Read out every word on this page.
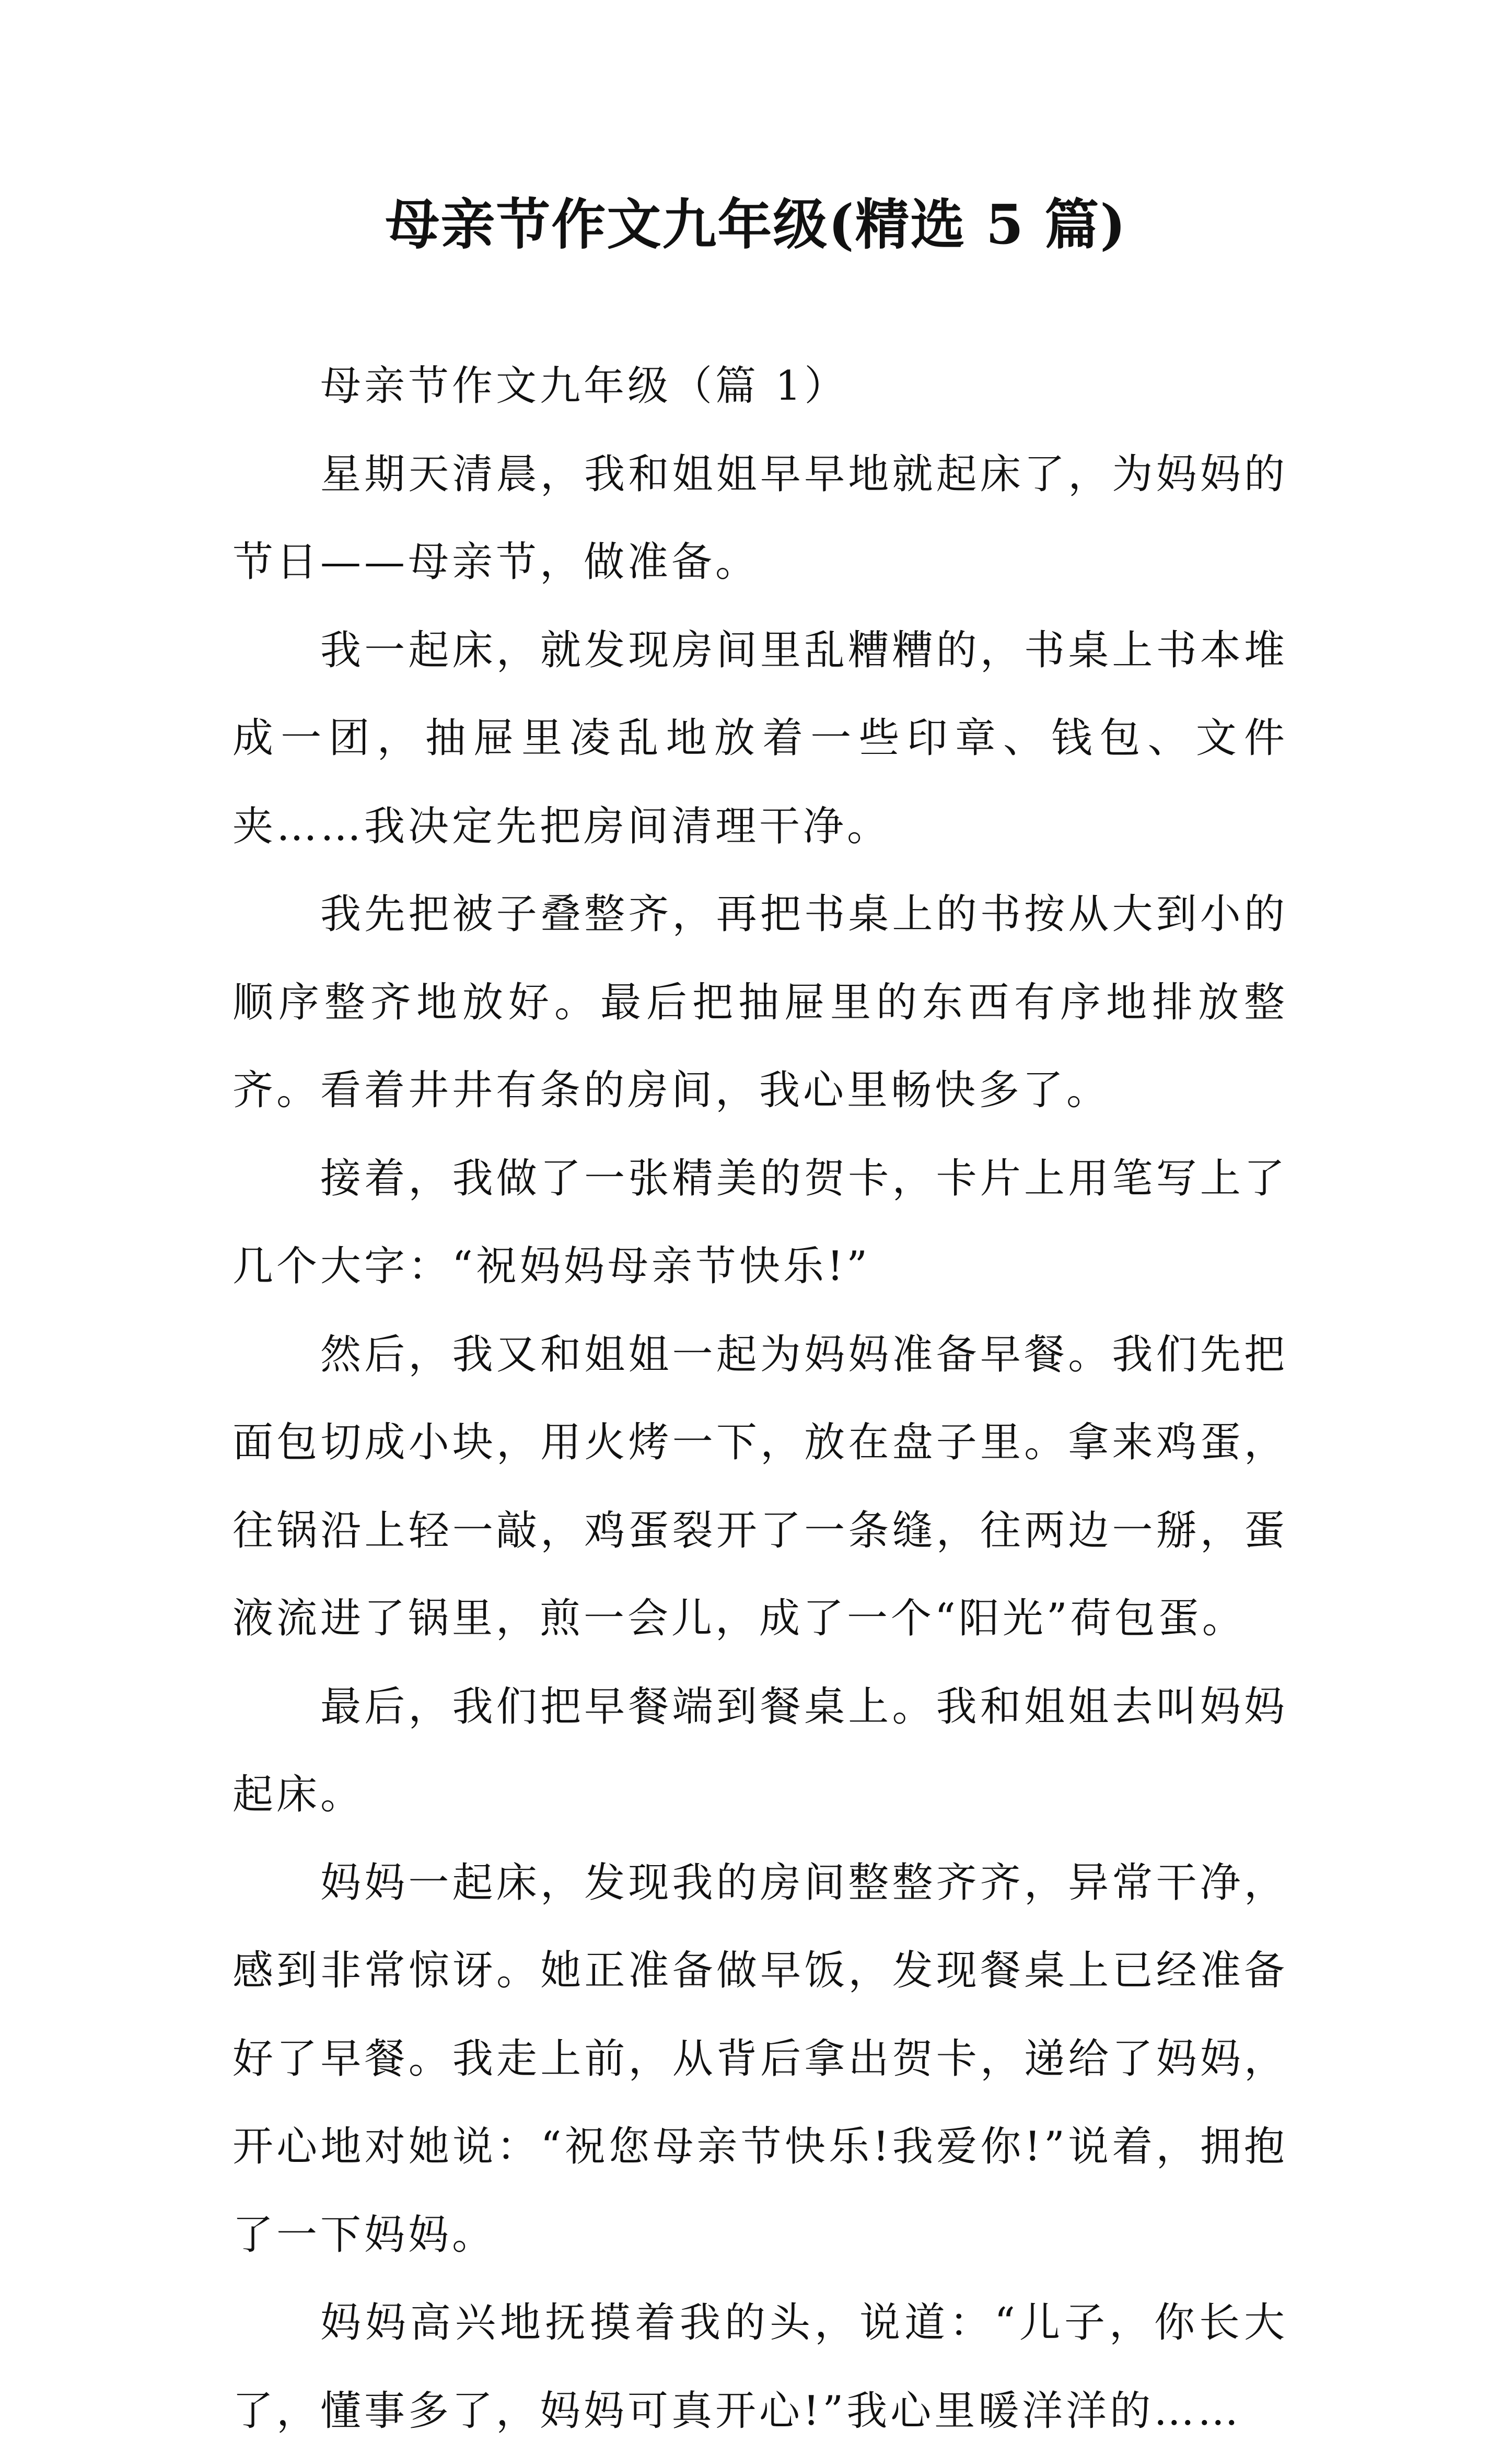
母亲节作文九年级(精选 5 篇)

母亲节作文九年级（篇 1）

星期天清晨，我和姐姐早早地就起床了，为妈妈的节日——母亲节，做准备。

我一起床，就发现房间里乱糟糟的，书桌上书本堆成一团，抽屉里凌乱地放着一些印章、钱包、文件夹……我决定先把房间清理干净。

我先把被子叠整齐，再把书桌上的书按从大到小的顺序整齐地放好。最后把抽屉里的东西有序地排放整齐。看着井井有条的房间，我心里畅快多了。

接着，我做了一张精美的贺卡，卡片上用笔写上了几个大字：“祝妈妈母亲节快乐!”

然后，我又和姐姐一起为妈妈准备早餐。我们先把面包切成小块，用火烤一下，放在盘子里。拿来鸡蛋，往锅沿上轻一敲，鸡蛋裂开了一条缝，往两边一掰，蛋液流进了锅里，煎一会儿，成了一个“阳光”荷包蛋。

最后，我们把早餐端到餐桌上。我和姐姐去叫妈妈起床。

妈妈一起床，发现我的房间整整齐齐，异常干净，感到非常惊讶。她正准备做早饭，发现餐桌上已经准备好了早餐。我走上前，从背后拿出贺卡，递给了妈妈，开心地对她说：“祝您母亲节快乐!我爱你!”说着，拥抱了一下妈妈。

妈妈高兴地抚摸着我的头，说道：“儿子，你长大了，懂事多了，妈妈可真开心!”我心里暖洋洋的……
